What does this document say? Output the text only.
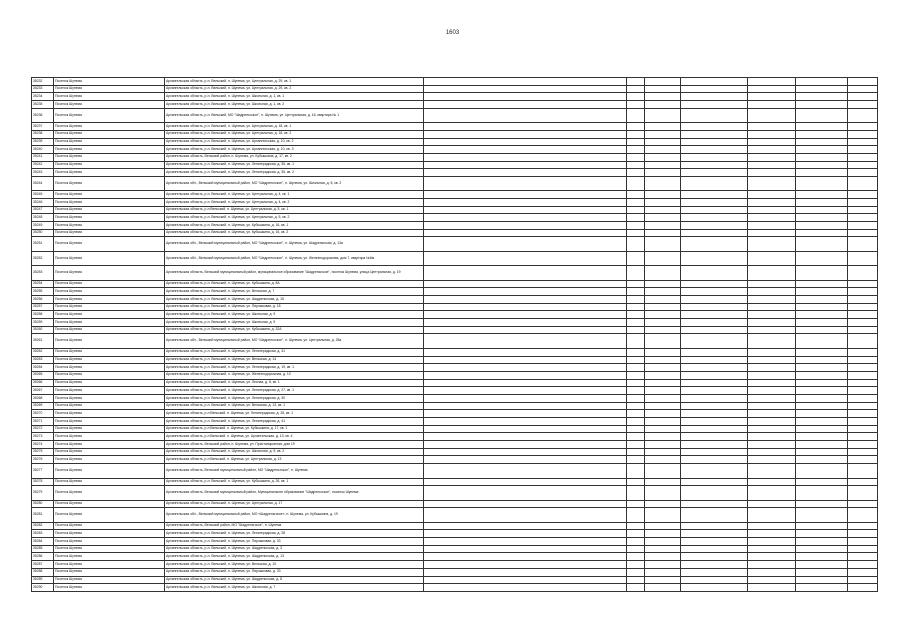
1603
35232	Поселок Шунема	Архангельская область, р-н. Вельский, п. Шунема, ул. Центральная, д. 29, кв. 1							
35233	Поселок Шунема	Архангельская область, р-н. Вельский, п. Шунема, ул. Центральная, д. 29, кв. 2							
35234	Поселок Шунема	Архангельская область, р-н. Вельский, п. Шунема, ул. Школьная, д. 1, кв. 1							
35235	Поселок Шунема	Архангельская область, р-н. Вельский, п. Шунема, ул. Школьная, д. 1, кв. 2							
35236	Поселок Шунема	Архангельская область, р-н. Вельский, МО "Шадреньгское", п. Шунема, ул. Центральная, д. 16, квартира № 1							
35237	Поселок Шунема	Архангельская область, р-н. Вельский, п. Шунема, ул. Центральная, д. 18, кв. 1							
35238	Поселок Шунема	Архангельская область, р-н. Вельский, п. Шунема, ул. Центральная, д. 18, кв. 2							
35239	Поселок Шунема	Архангельская область, р-н. Вельский, п. Шунема, ул. Архангельская, д. 10, кв. 2							
35240	Поселок Шунема	Архангельская область, р-н. Вельский, п. Шунема, ул. Архангельская, д. 10, кв. 3							
35241	Поселок Шунема	Архангельская область, Вельский район, п. Шунема, ул. Кубышкина, д. 17, кв. 2							
35242	Поселок Шунема	Архангельская область, р-н. Вельский, п. Шунема, ул. Ленинградская, д. 35, кв. 1							
35243	Поселок Шунема	Архангельская область, р-н. Вельский, п. Шунема, ул. Ленинградская, д. 35, кв. 2							
35244	Поселок Шунема	Архангельская обл., Вельский муниципальный район, МО "Шадреньгское", п. Шунема, ул. Школьная, д. 5, кв. 2							
35245	Поселок Шунема	Архангельская область, р-н. Вельский, п. Шунема, ул. Центральная, д. 4, кв. 1							
35246	Поселок Шунема	Архангельская область, р-н. Вельский, п. Шунема, ул. Центральная, д. 4, кв. 2							
35247	Поселок Шунема	Архангельская область, р-н Вельский, п. Шунема, ул. Центральная, д. 5, кв. 1							
35248	Поселок Шунема	Архангельская область, р-н. Вельский, п. Шунема, ул. Центральная, д. 5, кв. 2							
35249	Поселок Шунема	Архангельская область, р-н. Вельский, п. Шунема, ул. Кубышкина, д. 16, кв. 1							
35250	Поселок Шунема	Архангельская область, р-н. Вельский, п. Шунема, ул. Кубышкина, д. 16, кв. 2							
35251	Поселок Шунема	Архангельская обл., Вельский муниципальный район, МО "Шадреньгское", п. Шунема, ул. Шадреньгская, д. 13а							
35252	Поселок Шунема	Архангельская обл., Вельский муниципальный район, МО "Шадреньгское", п. Шунема, ул. Железнодорожная, дом 7, квартира №6м							
35253	Поселок Шунема	Архангельская область, Вельский муниципальный район, муниципальное образование "Шадреньгское", поселок Шунема, улица Центральная, д. 19							
35254	Поселок Шунема	Архангельская область, р-н. Вельский, п. Шунема, ул. Кубышкина, д. 8А							
35255	Поселок Шунема	Архангельская область, р-н. Вельский, п. Шунема, ул. Вельская, д. 7							
35256	Поселок Шунема	Архангельская область, р-н. Вельский, п. Шунема, ул. Шадреньгская, д. 15							
35257	Поселок Шунема	Архангельская область, р-н. Вельский, п. Шунема, ул. Пирожковая, д. 18							
35258	Поселок Шунема	Архангельская область, р-н. Вельский, п. Шунема, ул. Школьная, д. 9							
35259	Поселок Шунема	Архангельская область, р-н. Вельский, п. Шунема, ул. Школьная, д. 9							
35260	Поселок Шунема	Архангельская область, р-н. Вельский, п. Шунема, ул. Кубышкина, д. 32А							
35261	Поселок Шунема	Архангельская обл., Вельский муниципальный район, МО "Шадреньгское", п. Шунема, ул. Центральная, д. 28а							
35262	Поселок Шунема	Архангельская область, р-н. Вельский, п. Шунема, ул. Ленинградская, д. 41							
35263	Поселок Шунема	Архангельская область, р-н. Вельский, п. Шунема, ул. Вельская, д. 14							
35264	Поселок Шунема	Архангельская область, р-н. Вельский, п. Шунема, ул. Ленинградская, д. 19, кв. 1							
35265	Поселок Шунема	Архангельская область, р-н. Вельский, п. Шунема, ул. Железнодорожная, д. 10							
35266	Поселок Шунема	Архангельская область, р-н. Вельский, п. Шунема, ул. Лесная, д. 8, кв. 1							
35267	Поселок Шунема	Архангельская область, р-н. Вельский, п. Шунема, ул. Ленинградская, д. 27, кв. 1							
35268	Поселок Шунема	Архангельская область, р-н. Вельский, п. Шунема, ул. Ленинградская, д. 30							
35269	Поселок Шунема	Архангельская область, р-н. Вельский, п. Шунема, ул. Вельская, д. 13, кв. 1							
35270	Поселок Шунема	Архангельская область, р-н Вельский, п. Шунема, ул. Ленинградская, д. 26, кв. 1							
35271	Поселок Шунема	Архангельская область, р-н. Вельский, п. Шунема, ул. Ленинградская, д. 41							
35272	Поселок Шунема	Архангельская область, р-н Вельский, п. Шунема, ул. Кубышкина, д. 17, кв. 1							
35273	Поселок Шунема	Архангельская область, р-н Вельский, п. Шунема, ул. Архангельская, д. 10, кв. 4							
35274	Поселок Шунема	Архангельская область, Вельский район, п. Шунема, ул. Пристанционная, дом 19							
35275	Поселок Шунема	Архангельская область, р-н. Вельский, п. Шунема, ул. Школьная, д. 9, кв. 2							
35276	Поселок Шунема	Архангельская область, р-н Вельский, п. Шунема, ул. Центральная, д. 13							
35277	Поселок Шунема	Архангельская область, Вельский муниципальный район, МО "Шадреньгское", п. Шунема							
35278	Поселок Шунема	Архангельская область, р-н. Вельский, п. Шунема, ул. Кубышкина, д. 26, кв. 1							
35279	Поселок Шунема	Архангельская область, Вельский муниципальный район, Муниципальное образование "Шадреньгское", поселок Шунема							
35280	Поселок Шунема	Архангельская область, р-н. Вельский, п. Шунема, ул. Центральная, д. 17							
35281	Поселок Шунема	Архангельская обл., Вельский муниципальный район, МО «Шадреньгское», п. Шунема, ул. Кубышкина, д. 19							
35282	Поселок Шунема	Архангельская область, Вельский район, МО "Шадреньгское", п. Шунема							
35283	Поселок Шунема	Архангельская область, р-н. Вельский, п. Шунема, ул. Ленинградская, д. 28							
35284	Поселок Шунема	Архангельская область, р-н. Вельский, п. Шунема, ул. Пирожковая, д. 33							
35285	Поселок Шунема	Архангельская область, р-н. Вельский, п. Шунема, ул. Шадреньгская, д. 3							
35286	Поселок Шунема	Архангельская область, р-н. Вельский, п. Шунема, ул. Шадреньгская, д. 13							
35287	Поселок Шунема	Архангельская область, р-н. Вельский, п. Шунема, ул. Вельская, д. 10							
35288	Поселок Шунема	Архангельская область, р-н. Вельский, п. Шунема, ул. Пирожковая, д. 33							
35289	Поселок Шунема	Архангельская область, р-н. Вельский, п. Шунема, ул. Шадреньгская, д. 8							
35290	Поселок Шунема	Архангельская область, р-н. Вельский, п. Шунема, ул. Школьная, д. 7							
